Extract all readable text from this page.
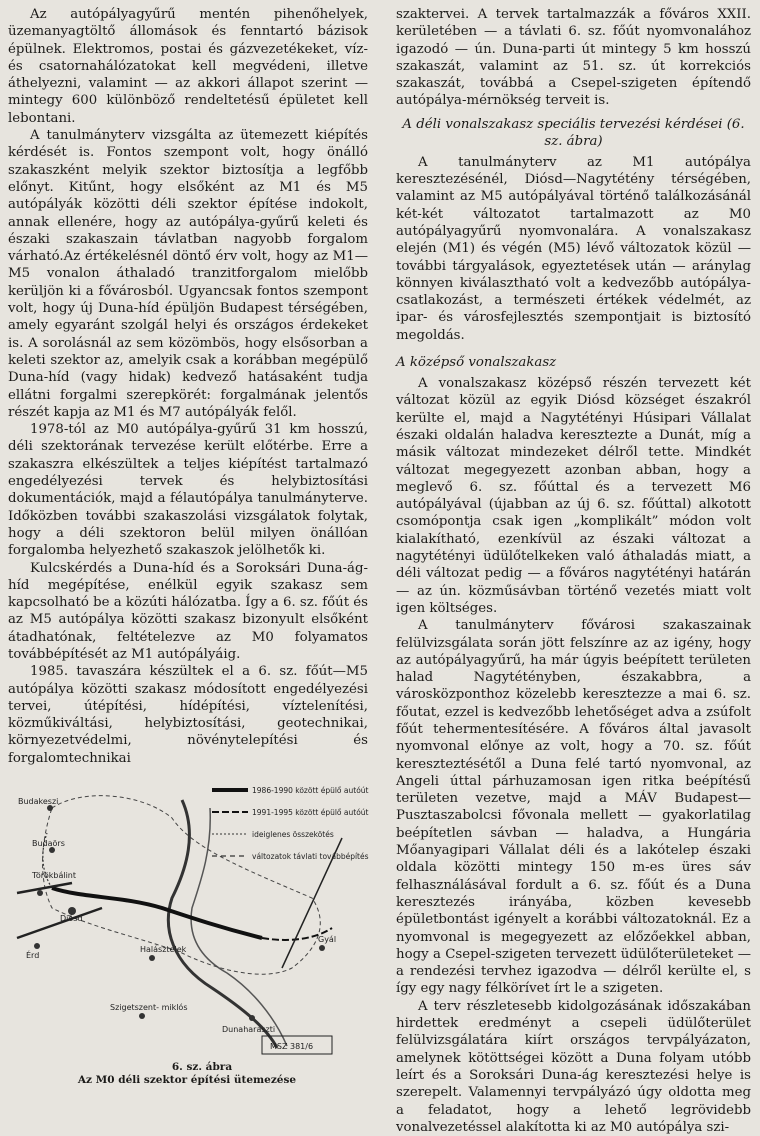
Az autópályagyűrű mentén pihenőhelyek, üzemanyagtöltő állomások és fenntartó bázisok épülnek. Elektromos, postai és gázvezetékeket, víz- és csatornahálózatokat kell megvédeni, illetve áthelyezni, valamint — az akkori állapot szerint — mintegy 600 különböző rendeltetésű épületet kell lebontani.

A tanulmányterv vizsgálta az ütemezett kiépítés kérdését is. Fontos szempont volt, hogy önálló szakaszként melyik szektor biztosítja a legfőbb előnyt. Kitűnt, hogy elsőként az M1 és M5 autópályák közötti déli szektor építése indokolt, annak ellenére, hogy az autópálya-gyűrű keleti és északi szakaszain távlatban nagyobb forgalom várható.Az értékelésnél döntő érv volt, hogy az M1—M5 vonalon áthaladó tranzitforgalom mielőbb kerüljön ki a fővárosból. Ugyancsak fontos szempont volt, hogy új Duna-híd épüljön Budapest térségében, amely egyaránt szolgál helyi és országos érdekeket is. A sorolásnál az sem közömbös, hogy elsősorban a keleti szektor az, amelyik csak a korábban megépülő Duna-híd (vagy hidak) kedvező hatásaként tudja ellátni forgalmi szerepkörét: forgalmának jelentős részét kapja az M1 és M7 autópályák felől.

1978-tól az M0 autópálya-gyűrű 31 km hosszú, déli szektorának tervezése került előtérbe. Erre a szakaszra elkészültek a teljes kiépítést tartalmazó engedélyezési tervek és helybiztosítási dokumentációk, majd a félautópálya tanulmányterve. Időközben további szakaszolási vizsgálatok folytak, hogy a déli szektoron belül milyen önállóan forgalomba helyezhető szakaszok jelölhetők ki.

Kulcskérdés a Duna-híd és a Soroksári Duna-ág-híd megépítése, enélkül egyik szakasz sem kapcsolható be a közúti hálózatba. Így a 6. sz. főút és az M5 autópálya közötti szakasz bizonyult elsőként átadhatónak, feltételezve az M0 folyamatos továbbépítését az M1 autópályáig.

1985. tavaszára készültek el a 6. sz. főút—M5 autópálya közötti szakasz módosított engedélyezési tervei, útépítési, hídépítési, víztelenítési, közműkiváltási, helybiztosítási, geotechnikai, környezetvédelmi, növénytelepítési és forgalomtechnikai

Budakeszi
Budaörs
Törökbálint
Diósd
Érd
Halásztelek
Szigetszent- miklós
Dunaharaszti
Gyál
1986-1990 között épülő autóút
1991-1995 között épülő autóút
ideiglenes összekötés
változatok távlati továbbépítés
MSZ 381/6
6. sz. ábra
Az M0 déli szektor építési ütemezése

szaktervei. A tervek tartalmazzák a főváros XXII. kerületében — a távlati 6. sz. főút nyomvonalához igazodó — ún. Duna-parti út mintegy 5 km hosszú szakaszát, valamint az 51. sz. út korrekciós szakaszát, továbbá a Csepel-szigeten építendő autópálya-mérnökség terveit is.

A déli vonalszakasz speciális tervezési kérdései (6. sz. ábra)

A tanulmányterv az M1 autópálya keresztezésénél, Diósd—Nagytétény térségében, valamint az M5 autópályával történő találkozásánál két-két változatot tartalmazott az M0 autópályagyűrű nyomvonalára. A vonalszakasz elején (M1) és végén (M5) lévő változatok közül — további tárgyalások, egyeztetések után — aránylag könnyen kiválasztható volt a kedvezőbb autópálya-csatlakozást, a természeti értékek védelmét, az ipar- és városfejlesztés szempontjait is biztosító megoldás.

A középső vonalszakasz

A vonalszakasz középső részén tervezett két változat közül az egyik Diósd községet északról kerülte el, majd a Nagytétényi Húsipari Vállalat északi oldalán haladva keresztezte a Dunát, míg a másik változat mindezeket délről tette. Mindkét változat megegyezett azonban abban, hogy a meglevő 6. sz. főúttal és a tervezett M6 autópályával (újabban az új 6. sz. főúttal) alkotott csomópontja csak igen „komplikált” módon volt kialakítható, ezenkívül az északi változat a nagytétényi üdülőtelkeken való áthaladás miatt, a déli változat pedig — a főváros nagytétényi határán — az ún. közműsávban történő vezetés miatt volt igen költséges.

A tanulmányterv fővárosi szakaszainak felülvizsgálata során jött felszínre az az igény, hogy az autópályagyűrű, ha már úgyis beépített területen halad Nagytétényben, északabbra, a városközponthoz közelebb keresztezze a mai 6. sz. főutat, ezzel is kedvezőbb lehetőséget adva a zsúfolt főút tehermentesítésére. A főváros által javasolt nyomvonal előnye az volt, hogy a 70. sz. főút kereszteztésétől a Duna felé tartó nyomvonal, az Angeli úttal párhuzamosan igen ritka beépítésű területen vezetve, majd a MÁV Budapest—Pusztaszabolcsi fővonala mellett — gyakorlatilag beépítetlen sávban — haladva, a Hungária Mőanyagipari Vállalat déli és a lakótelep északi oldala közötti mintegy 150 m-es üres sáv felhasználásával fordult a 6. sz. főút és a Duna keresztezés irányába, közben kevesebb épületbontást igényelt a korábbi változatoknál. Ez a nyomvonal is megegyezett az előzőekkel abban, hogy a Csepel-szigeten tervezett üdülőterületeket — a rendezési tervhez igazodva — délről kerülte el, s így egy nagy félkörívet írt le a szigeten.

A terv részletesebb kidolgozásának időszakában hirdettek eredményt a csepeli üdülőterület felülvizsgálatára kiírt országos tervpályázaton, amelynek kötöttségei között a Duna folyam utóbb leírt és a Soroksári Duna-ág keresztezési helye is szerepelt. Valamennyi tervpályázó úgy oldotta meg a feladatot, hogy a lehető legrövidebb vonalvezetéssel alakította ki az M0 autópálya szi-
